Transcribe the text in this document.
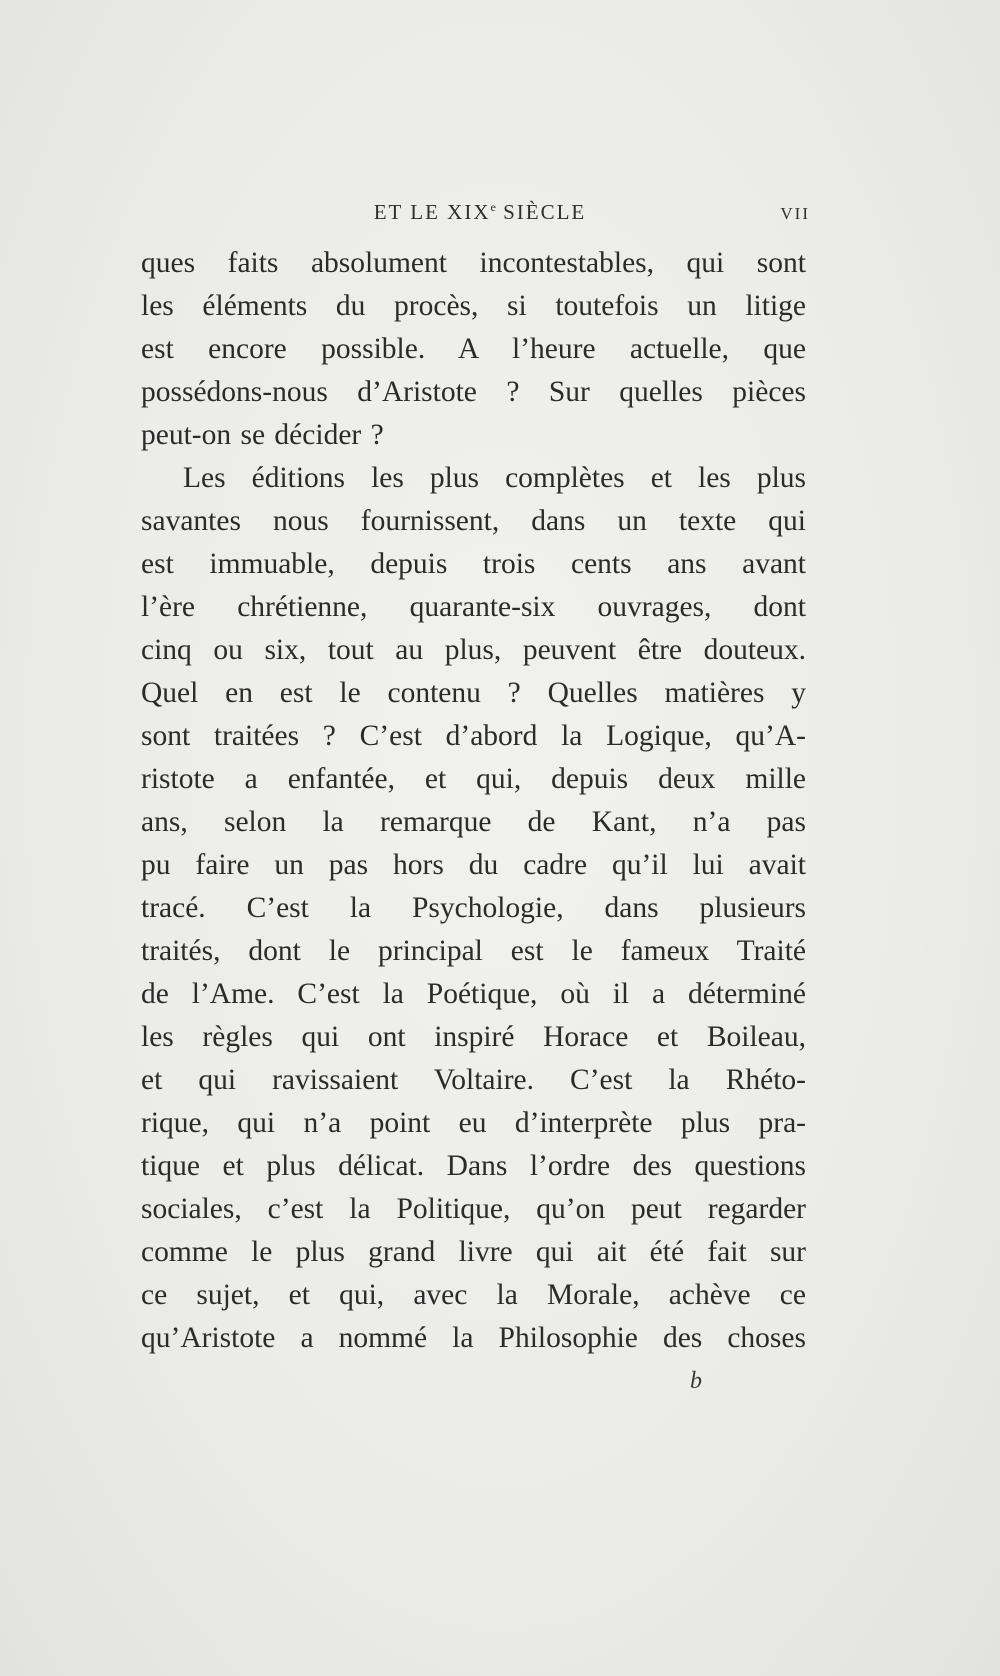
ET LE XIXe SIÈCLE	VII

ques faits absolument incontestables, qui sont

les éléments du procès, si toutefois un litige

est encore possible. A l’heure actuelle, que

possédons-nous d’Aristote ? Sur quelles pièces

peut-on se décider ?

Les éditions les plus complètes et les plus

savantes nous fournissent, dans un texte qui

est immuable, depuis trois cents ans avant

l’ère chrétienne, quarante-six ouvrages, dont

cinq ou six, tout au plus, peuvent être douteux.

Quel en est le contenu ? Quelles matières y

sont traitées ? C’est d’abord la Logique, qu’A-

ristote a enfantée, et qui, depuis deux mille

ans, selon la remarque de Kant, n’a pas

pu faire un pas hors du cadre qu’il lui avait

tracé. C’est la Psychologie, dans plusieurs

traités, dont le principal est le fameux Traité

de l’Ame. C’est la Poétique, où il a déterminé

les règles qui ont inspiré Horace et Boileau,

et qui ravissaient Voltaire. C’est la Rhéto-

rique, qui n’a point eu d’interprète plus pra-

tique et plus délicat. Dans l’ordre des questions

sociales, c’est la Politique, qu’on peut regarder

comme le plus grand livre qui ait été fait sur

ce sujet, et qui, avec la Morale, achève ce

qu’Aristote a nommé la Philosophie des choses

b
